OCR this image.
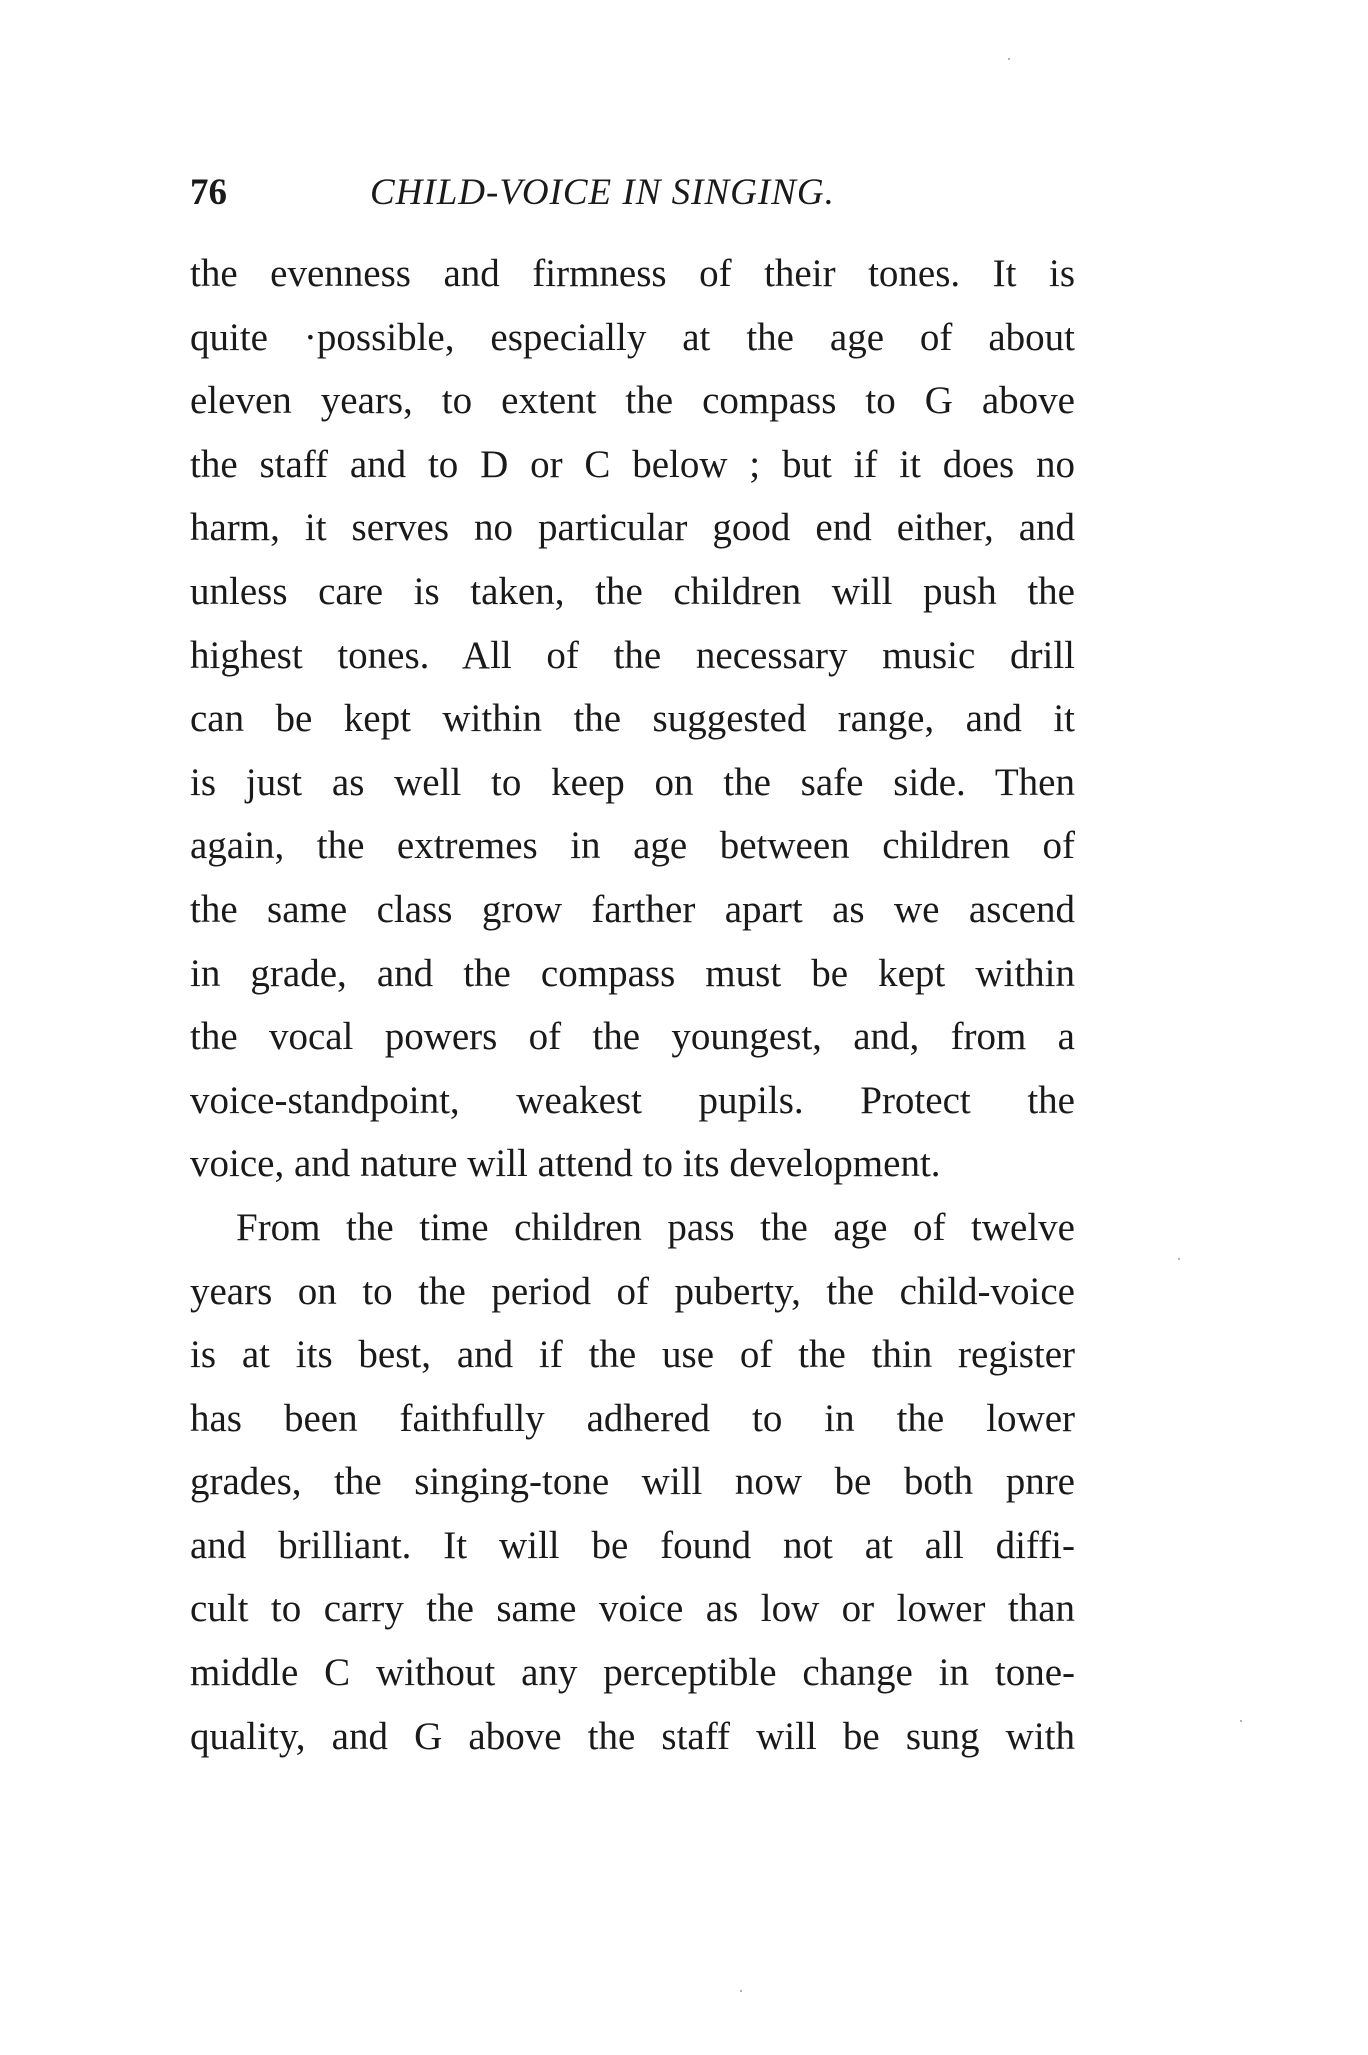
76	CHILD-VOICE IN SINGING.
the evenness and firmness of their tones. It is
quite ·possible, especially at the age of about
eleven years, to extent the compass to G above
the staff and to D or C below ; but if it does no
harm, it serves no particular good end either, and
unless care is taken, the children will push the
highest tones. All of the necessary music drill
can be kept within the suggested range, and it
is just as well to keep on the safe side. Then
again, the extremes in age between children of
the same class grow farther apart as we ascend
in grade, and the compass must be kept within
the vocal powers of the youngest, and, from a
voice-standpoint, weakest pupils. Protect the
voice, and nature will attend to its development.
From the time children pass the age of twelve
years on to the period of puberty, the child-voice
is at its best, and if the use of the thin register
has been faithfully adhered to in the lower
grades, the singing-tone will now be both pnre
and brilliant. It will be found not at all diffi-
cult to carry the same voice as low or lower than
middle C without any perceptible change in tone-
quality, and G above the staff will be sung with
